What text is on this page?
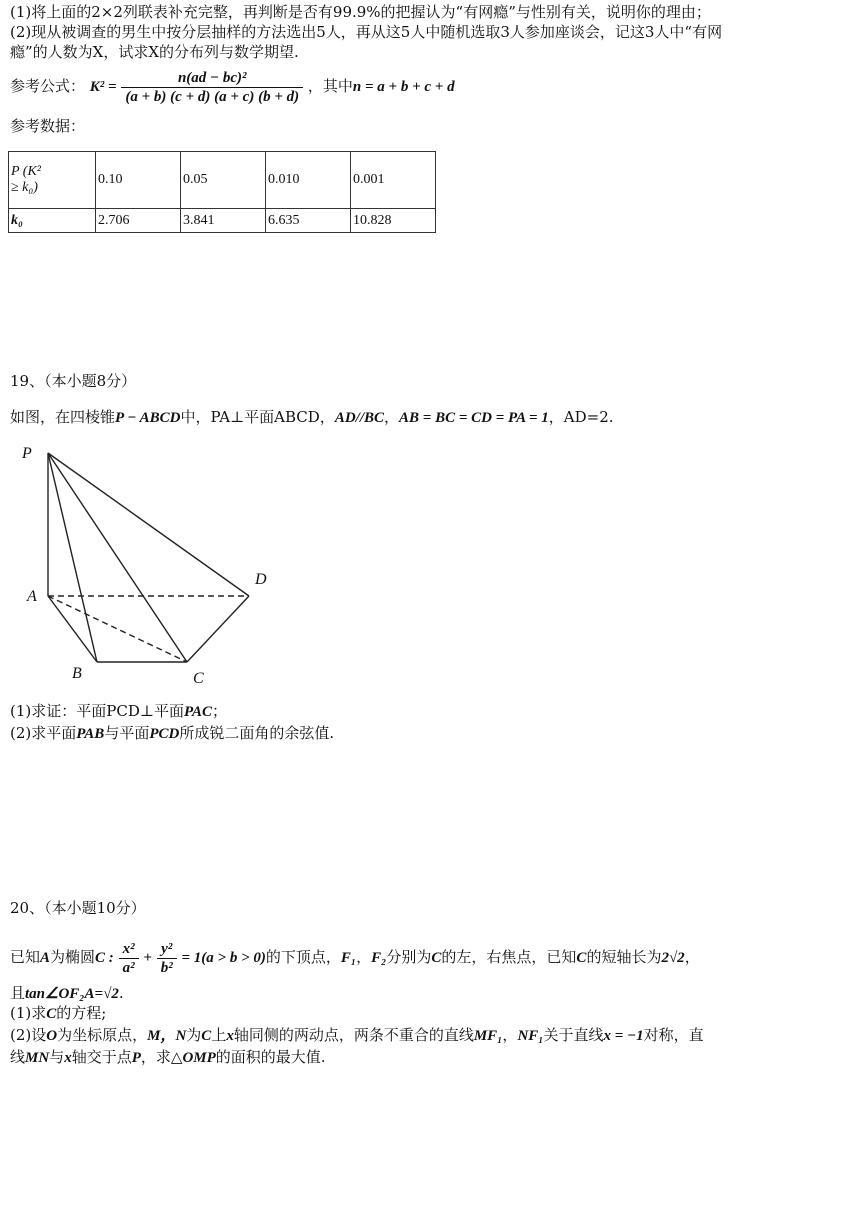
(1)将上面的2×2列联表补充完整，再判断是否有99.9%的把握认为“有网瘾”与性别有关，说明你的理由；
(2)现从被调查的男生中按分层抽样的方法选出5人，再从这5人中随机选取3人参加座谈会，记这3人中“有网
瘾”的人数为X，试求X的分布列与数学期望.
参考公式： $K^2 = \frac{\text{n(ad − bc)²}}{(a + b) (c + d) (a + c) (b + d)}$ ，其中n = a + b + c + d
参考数据：
P (K²
≥ k₀)	0.10	0.05	0.010	0.001
k₀	2.706	3.841	6.635	10.828
19、（本小题8分）
如图，在四棱锥P − ABCD中，PA⊥平面ABCD，AD//BC，AB = BC = CD = PA = 1，AD=2.
P
A
B	C
D
(1)求证：平面PCD⊥平面PAC；
(2)求平面PAB与平面PCD所成锐二面角的余弦值.
20、（本小题10分）
已知A为椭圆C : $\frac{\text{x²}}{\text{a²}} + \frac{\text{y²}}{\text{b²}} = 1(a > b > 0)$的下顶点，F₁，F₂分别为C的左，右焦点，已知C的短轴长为2√2，
且tan∠OF₂A=√2.
(1)求C的方程;
(2)设O为坐标原点，M，N为C上x轴同侧的两动点，两条不重合的直线MF₁，NF₁关于直线x = −1对称，直
线MN与x轴交于点P，求△OMP的面积的最大值.
